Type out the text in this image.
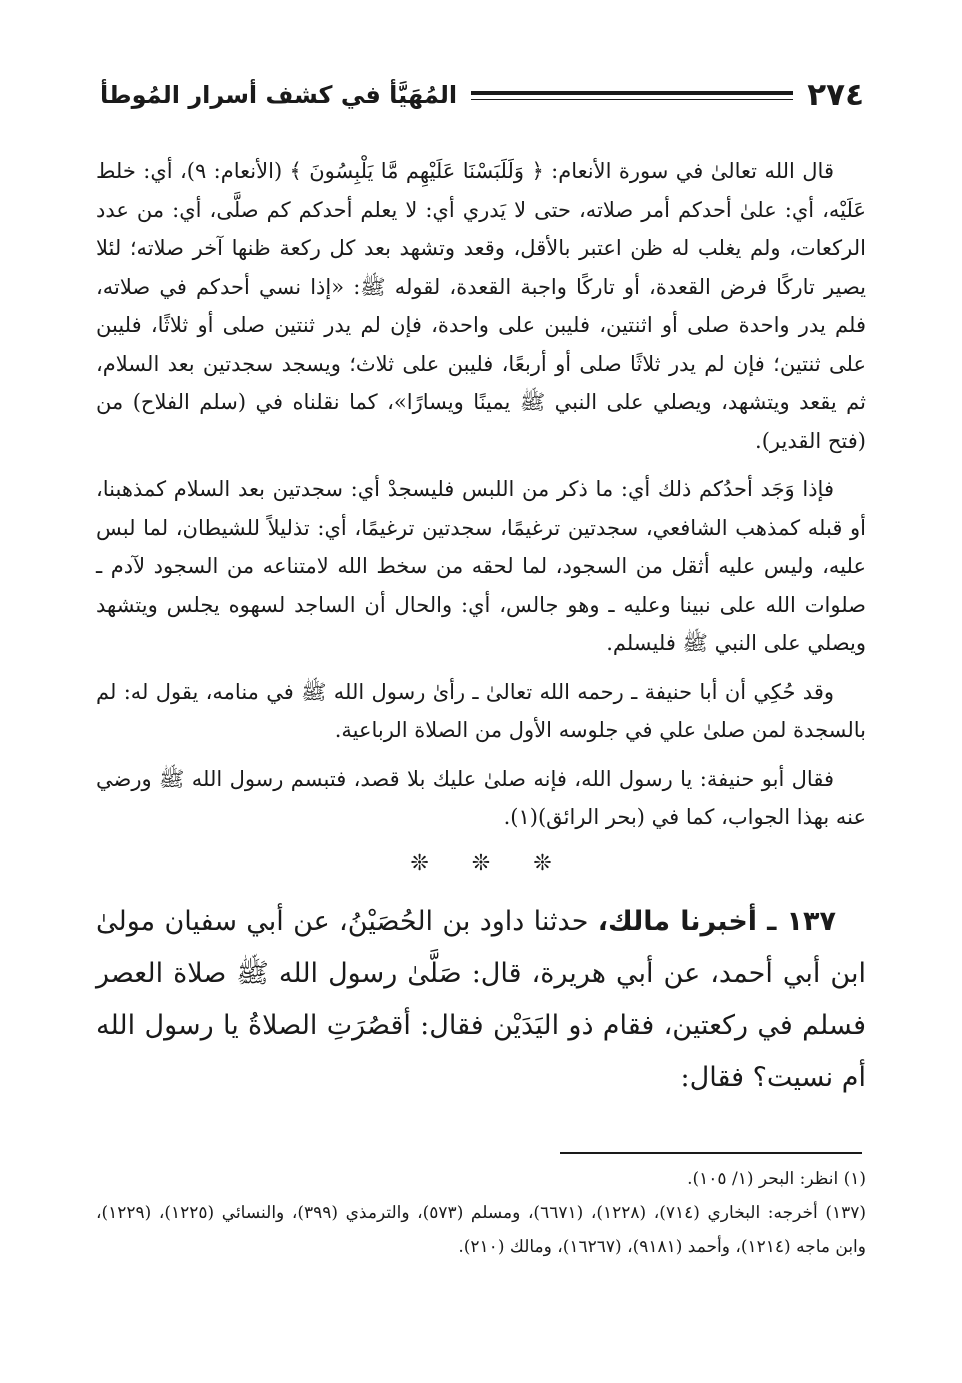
٢٧٤
المُهَيَّأ في كشف أسرار المُوطأ

قال الله تعالىٰ في سورة الأنعام: ﴿ وَلَلَبَسْنَا عَلَيْهِم مَّا يَلْبِسُونَ ﴾ (الأنعام: ٩)، أي: خلط عَلَيْه، أي: علىٰ أحدكم أمر صلاته، حتى لا يَدري أي: لا يعلم أحدكم كم صلَّى، أي: من عدد الركعات، ولم يغلب له ظن اعتبر بالأقل، وقعد وتشهد بعد كل ركعة ظنها آخر صلاته؛ لئلا يصير تاركًا فرض القعدة، أو تاركًا واجبة القعدة، لقوله ﷺ: «إذا نسي أحدكم في صلاته، فلم يدر واحدة صلى أو اثنتين، فليبن على واحدة، فإن لم يدر ثنتين صلى أو ثلاثًا، فليبن على ثنتين؛ فإن لم يدر ثلاثًا صلى أو أربعًا، فليبن على ثلاث؛ ويسجد سجدتين بعد السلام، ثم يقعد ويتشهد، ويصلي على النبي ﷺ يمينًا ويسارًا»، كما نقلناه في (سلم الفلاح) من (فتح القدير).

فإذا وَجَد أحدُكم ذلك أي: ما ذكر من اللبس فليسجدْ أي: سجدتين بعد السلام كمذهبنا، أو قبله كمذهب الشافعي، سجدتين ترغيمًا، سجدتين ترغيمًا، أي: تذليلاً للشيطان، لما لبس عليه، وليس عليه أثقل من السجود، لما لحقه من سخط الله لامتناعه من السجود لآدم ـ صلوات الله على نبينا وعليه ـ وهو جالس، أي: والحال أن الساجد لسهوه يجلس ويتشهد ويصلي على النبي ﷺ فليسلم.

وقد حُكِي أن أبا حنيفة ـ رحمه الله تعالىٰ ـ رأىٰ رسول الله ﷺ في منامه، يقول له: لم بالسجدة لمن صلىٰ علي في جلوسه الأول من الصلاة الرباعية.

فقال أبو حنيفة: يا رسول الله، فإنه صلىٰ عليك بلا قصد، فتبسم رسول الله ﷺ ورضي عنه بهذا الجواب، كما في (بحر الرائق)(١).

❊ ❊ ❊

١٣٧ ـ أخبرنا مالك، حدثنا داود بن الحُصَيْنُ، عن أبي سفيان مولىٰ ابن أبي أحمد، عن أبي هريرة، قال: صَلَّىٰ رسول الله ﷺ صلاة العصر فسلم في ركعتين، فقام ذو اليَدَيْن فقال: أقصُرَتِ الصلاةُ يا رسول الله أم نسيت؟ فقال:

(١) انظر: البحر (١/ ١٠٥).

(١٣٧) أخرجه: البخاري (٧١٤)، (١٢٢٨)، (٦٦٧١)، ومسلم (٥٧٣)، والترمذي (٣٩٩)، والنسائي (١٢٢٥)، (١٢٢٩)، وابن ماجه (١٢١٤)، وأحمد (٩١٨١)، (١٦٢٦٧)، ومالك (٢١٠).
